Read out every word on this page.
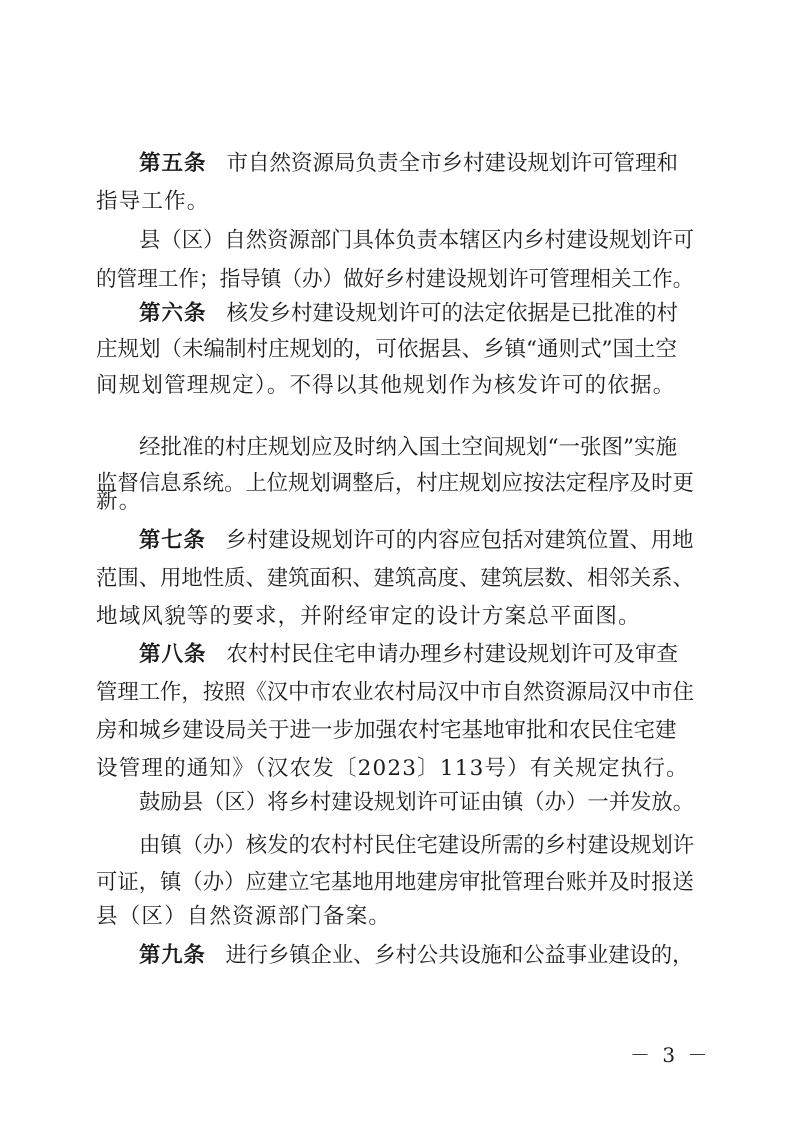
第五条 市自然资源局负责全市乡村建设规划许可管理和
指导工作。
县（区）自然资源部门具体负责本辖区内乡村建设规划许可
的管理工作；指导镇（办）做好乡村建设规划许可管理相关工作。
第六条 核发乡村建设规划许可的法定依据是已批准的村
庄规划（未编制村庄规划的，可依据县、乡镇“通则式”国土空
间规划管理规定）。不得以其他规划作为核发许可的依据。
经批准的村庄规划应及时纳入国土空间规划“一张图”实施
监督信息系统。上位规划调整后，村庄规划应按法定程序及时更
新。
第七条 乡村建设规划许可的内容应包括对建筑位置、用地
范围、用地性质、建筑面积、建筑高度、建筑层数、相邻关系、
地域风貌等的要求，并附经审定的设计方案总平面图。
第八条 农村村民住宅申请办理乡村建设规划许可及审查
管理工作，按照《汉中市农业农村局汉中市自然资源局汉中市住
房和城乡建设局关于进一步加强农村宅基地审批和农民住宅建
设管理的通知》（汉农发〔2023〕113号）有关规定执行。
鼓励县（区）将乡村建设规划许可证由镇（办）一并发放。
由镇（办）核发的农村村民住宅建设所需的乡村建设规划许
可证，镇（办）应建立宅基地用地建房审批管理台账并及时报送
县（区）自然资源部门备案。
第九条 进行乡镇企业、乡村公共设施和公益事业建设的，
－ 3 －
